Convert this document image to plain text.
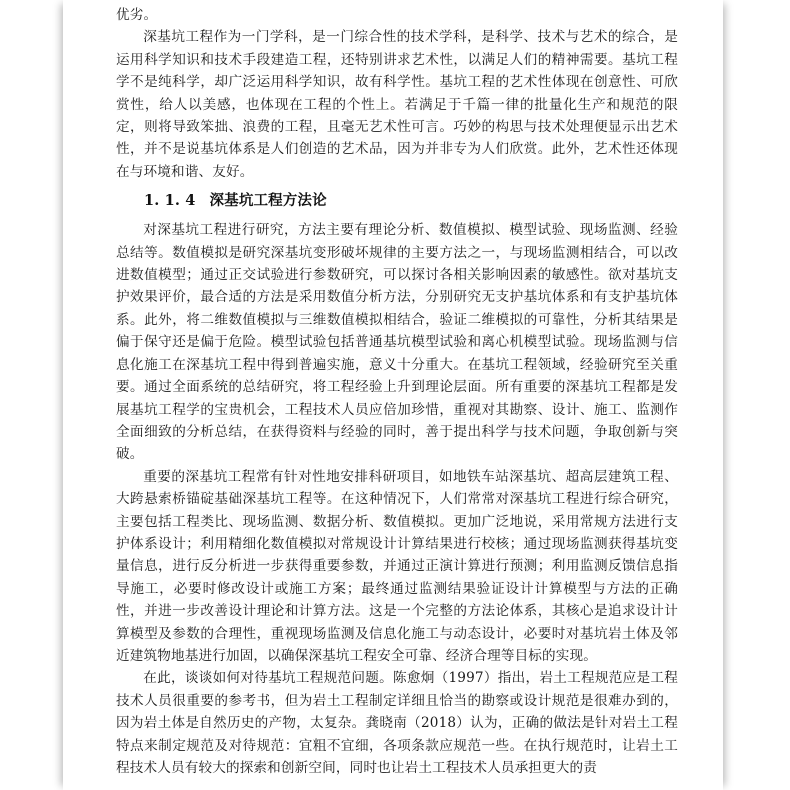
优劣。

深基坑工程作为一门学科，是一门综合性的技术学科，是科学、技术与艺术的综合，是运用科学知识和技术手段建造工程，还特别讲求艺术性，以满足人们的精神需要。基坑工程学不是纯科学，却广泛运用科学知识，故有科学性。基坑工程的艺术性体现在创意性、可欣赏性，给人以美感，也体现在工程的个性上。若满足于千篇一律的批量化生产和规范的限定，则将导致笨拙、浪费的工程，且毫无艺术性可言。巧妙的构思与技术处理便显示出艺术性，并不是说基坑体系是人们创造的艺术品，因为并非专为人们欣赏。此外，艺术性还体现在与环境和谐、友好。

1. 1. 4 深基坑工程方法论

对深基坑工程进行研究，方法主要有理论分析、数值模拟、模型试验、现场监测、经验总结等。数值模拟是研究深基坑变形破坏规律的主要方法之一，与现场监测相结合，可以改进数值模型；通过正交试验进行参数研究，可以探讨各相关影响因素的敏感性。欲对基坑支护效果评价，最合适的方法是采用数值分析方法，分别研究无支护基坑体系和有支护基坑体系。此外，将二维数值模拟与三维数值模拟相结合，验证二维模拟的可靠性，分析其结果是偏于保守还是偏于危险。模型试验包括普通基坑模型试验和离心机模型试验。现场监测与信息化施工在深基坑工程中得到普遍实施，意义十分重大。在基坑工程领域，经验研究至关重要。通过全面系统的总结研究，将工程经验上升到理论层面。所有重要的深基坑工程都是发展基坑工程学的宝贵机会，工程技术人员应倍加珍惜，重视对其勘察、设计、施工、监测作全面细致的分析总结，在获得资料与经验的同时，善于提出科学与技术问题，争取创新与突破。

重要的深基坑工程常有针对性地安排科研项目，如地铁车站深基坑、超高层建筑工程、大跨悬索桥锚碇基础深基坑工程等。在这种情况下，人们常常对深基坑工程进行综合研究，主要包括工程类比、现场监测、数据分析、数值模拟。更加广泛地说，采用常规方法进行支护体系设计；利用精细化数值模拟对常规设计计算结果进行校核；通过现场监测获得基坑变量信息，进行反分析进一步获得重要参数，并通过正演计算进行预测；利用监测反馈信息指导施工，必要时修改设计或施工方案；最终通过监测结果验证设计计算模型与方法的正确性，并进一步改善设计理论和计算方法。这是一个完整的方法论体系，其核心是追求设计计算模型及参数的合理性，重视现场监测及信息化施工与动态设计，必要时对基坑岩土体及邻近建筑物地基进行加固，以确保深基坑工程安全可靠、经济合理等目标的实现。

在此，谈谈如何对待基坑工程规范问题。陈愈炯（1997）指出，岩土工程规范应是工程技术人员很重要的参考书，但为岩土工程制定详细且恰当的勘察或设计规范是很难办到的，因为岩土体是自然历史的产物，太复杂。龚晓南（2018）认为，正确的做法是针对岩土工程特点来制定规范及对待规范：宜粗不宜细，各项条款应规范一些。在执行规范时，让岩土工程技术人员有较大的探索和创新空间，同时也让岩土工程技术人员承担更大的责
